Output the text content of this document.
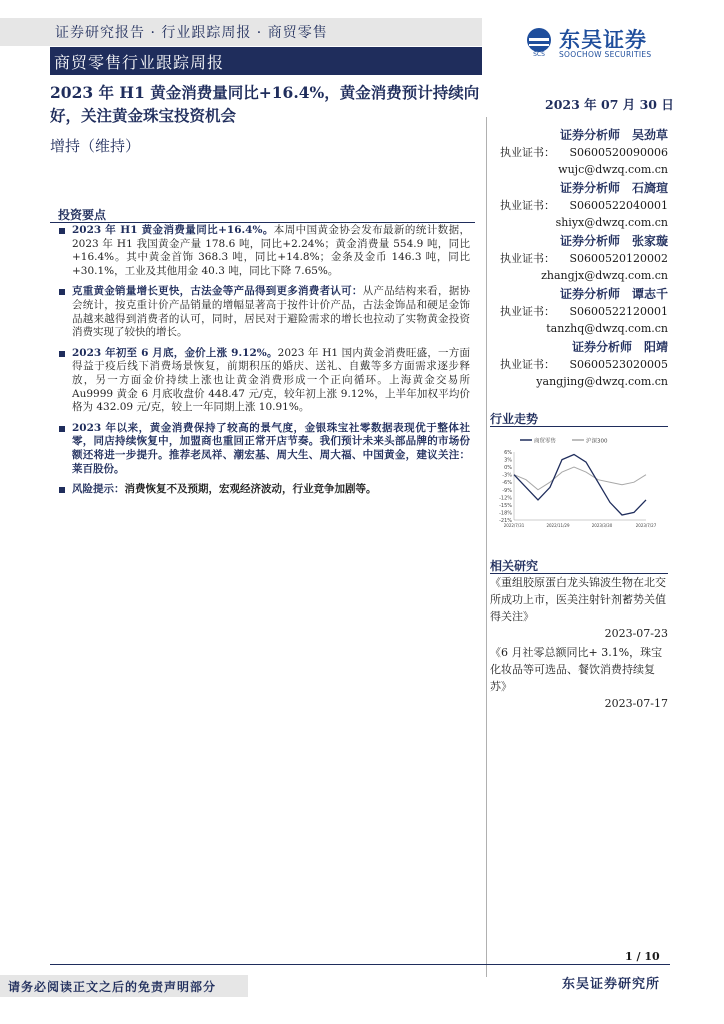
证券研究报告 · 行业跟踪周报 · 商贸零售
商贸零售行业跟踪周报	SCS
东吴证券
SOOCHOW SECURITIES
2023 年 H1 黄金消费量同比+16.4%，黄金消费预计持续向好，关注黄金珠宝投资机会
增持（维持）
2023 年 07 月 30 日
证券分析师　吴劲草
执业证书： S0600520090006
wujc@dwzq.com.cn
证券分析师　石旖瑄
执业证书： S0600522040001
shiyx@dwzq.com.cn
证券分析师　张家璇
执业证书： S0600520120002
zhangjx@dwzq.com.cn
证券分析师　谭志千
执业证书： S0600522120001
tanzhq@dwzq.com.cn
证券分析师　阳靖
执业证书： S0600523020005
yangjing@dwzq.com.cn
投资要点
2023 年 H1 黄金消费量同比+16.4%。本周中国黄金协会发布最新的统计数据，2023 年 H1 我国黄金产量 178.6 吨，同比+2.24%；黄金消费量 554.9 吨，同比+16.4%。其中黄金首饰 368.3 吨，同比+14.8%；金条及金币 146.3 吨，同比+30.1%，工业及其他用金 40.3 吨，同比下降 7.65%。
克重黄金销量增长更快，古法金等产品得到更多消费者认可：从产品结构来看，据协会统计，按克重计价产品销量的增幅显著高于按件计价产品，古法金饰品和硬足金饰品越来越得到消费者的认可，同时，居民对于避险需求的增长也拉动了实物黄金投资消费实现了较快的增长。
2023 年初至 6 月底，金价上涨 9.12%。2023 年 H1 国内黄金消费旺盛，一方面得益于疫后线下消费场景恢复，前期积压的婚庆、送礼、自戴等多方面需求逐步释放，另一方面金价持续上涨也让黄金消费形成一个正向循环。上海黄金交易所 Au9999 黄金 6 月底收盘价 448.47 元/克，较年初上涨 9.12%，上半年加权平均价格为 432.09 元/克，较上一年同期上涨 10.91%。
2023 年以来，黄金消费保持了较高的景气度，金银珠宝社零数据表现优于整体社零，同店持续恢复中，加盟商也重回正常开店节奏。我们预计未来头部品牌的市场份额还将进一步提升。推荐老凤祥、潮宏基、周大生、周大福、中国黄金，建议关注：莱百股份。
风险提示：消费恢复不及预期，宏观经济波动，行业竞争加剧等。
行业走势
商贸零售	沪深300
6%
3%
0%
-3%
-6%
-9%
-12%
-15%
-18%
-21%
2022/7/31	2022/11/29	2023/3/30	2023/7/27
相关研究
《重组胶原蛋白龙头锦波生物在北交所成功上市，医美注射针剂蓄势关值得关注》
2023-07-23
《6 月社零总额同比+ 3.1%，珠宝化妆品等可选品、餐饮消费持续复苏》
2023-07-17
1 / 10
请务必阅读正文之后的免责声明部分	东吴证券研究所
